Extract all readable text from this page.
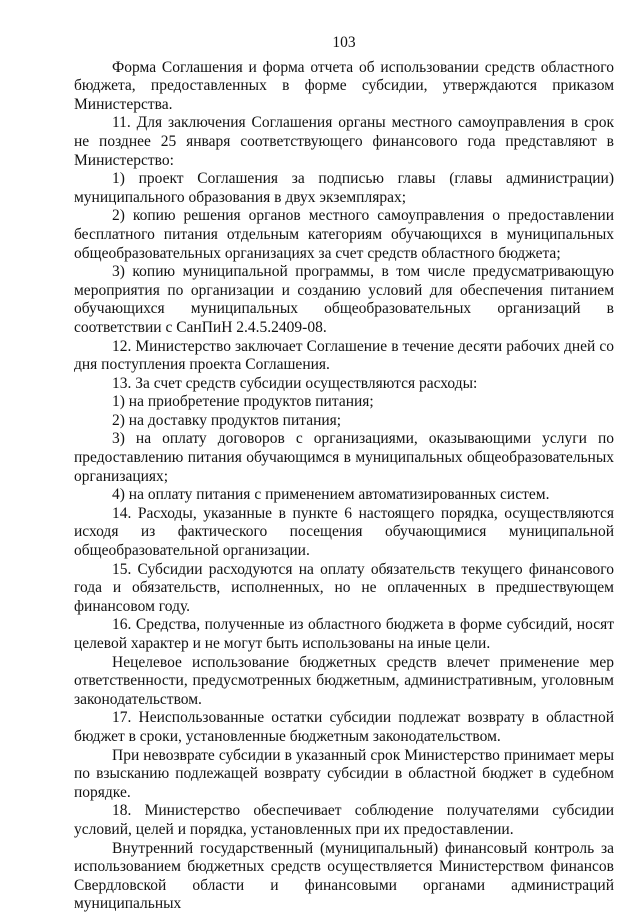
103

Форма Соглашения и форма отчета об использовании средств областного бюджета, предоставленных в форме субсидии, утверждаются приказом Министерства.

11. Для заключения Соглашения органы местного самоуправления в срок не позднее 25 января соответствующего финансового года представляют в Министерство:

1) проект Соглашения за подписью главы (главы администрации) муниципального образования в двух экземплярах;

2) копию решения органов местного самоуправления о предоставлении бесплатного питания отдельным категориям обучающихся в муниципальных общеобразовательных организациях за счет средств областного бюджета;

3) копию муниципальной программы, в том числе предусматривающую мероприятия по организации и созданию условий для обеспечения питанием обучающихся муниципальных общеобразовательных организаций в соответствии с СанПиН 2.4.5.2409-08.

12. Министерство заключает Соглашение в течение десяти рабочих дней со дня поступления проекта Соглашения.

13. За счет средств субсидии осуществляются расходы:

1) на приобретение продуктов питания;

2) на доставку продуктов питания;

3) на оплату договоров с организациями, оказывающими услуги по предоставлению питания обучающимся в муниципальных общеобразовательных организациях;

4) на оплату питания с применением автоматизированных систем.

14. Расходы, указанные в пункте 6 настоящего порядка, осуществляются исходя из фактического посещения обучающимися муниципальной общеобразовательной организации.

15. Субсидии расходуются на оплату обязательств текущего финансового года и обязательств, исполненных, но не оплаченных в предшествующем финансовом году.

16. Средства, полученные из областного бюджета в форме субсидий, носят целевой характер и не могут быть использованы на иные цели.

Нецелевое использование бюджетных средств влечет применение мер ответственности, предусмотренных бюджетным, административным, уголовным законодательством.

17. Неиспользованные остатки субсидии подлежат возврату в областной бюджет в сроки, установленные бюджетным законодательством.

При невозврате субсидии в указанный срок Министерство принимает меры по взысканию подлежащей возврату субсидии в областной бюджет в судебном порядке.

18. Министерство обеспечивает соблюдение получателями субсидии условий, целей и порядка, установленных при их предоставлении.

Внутренний государственный (муниципальный) финансовый контроль за использованием бюджетных средств осуществляется Министерством финансов Свердловской области и финансовыми органами администраций муниципальных
